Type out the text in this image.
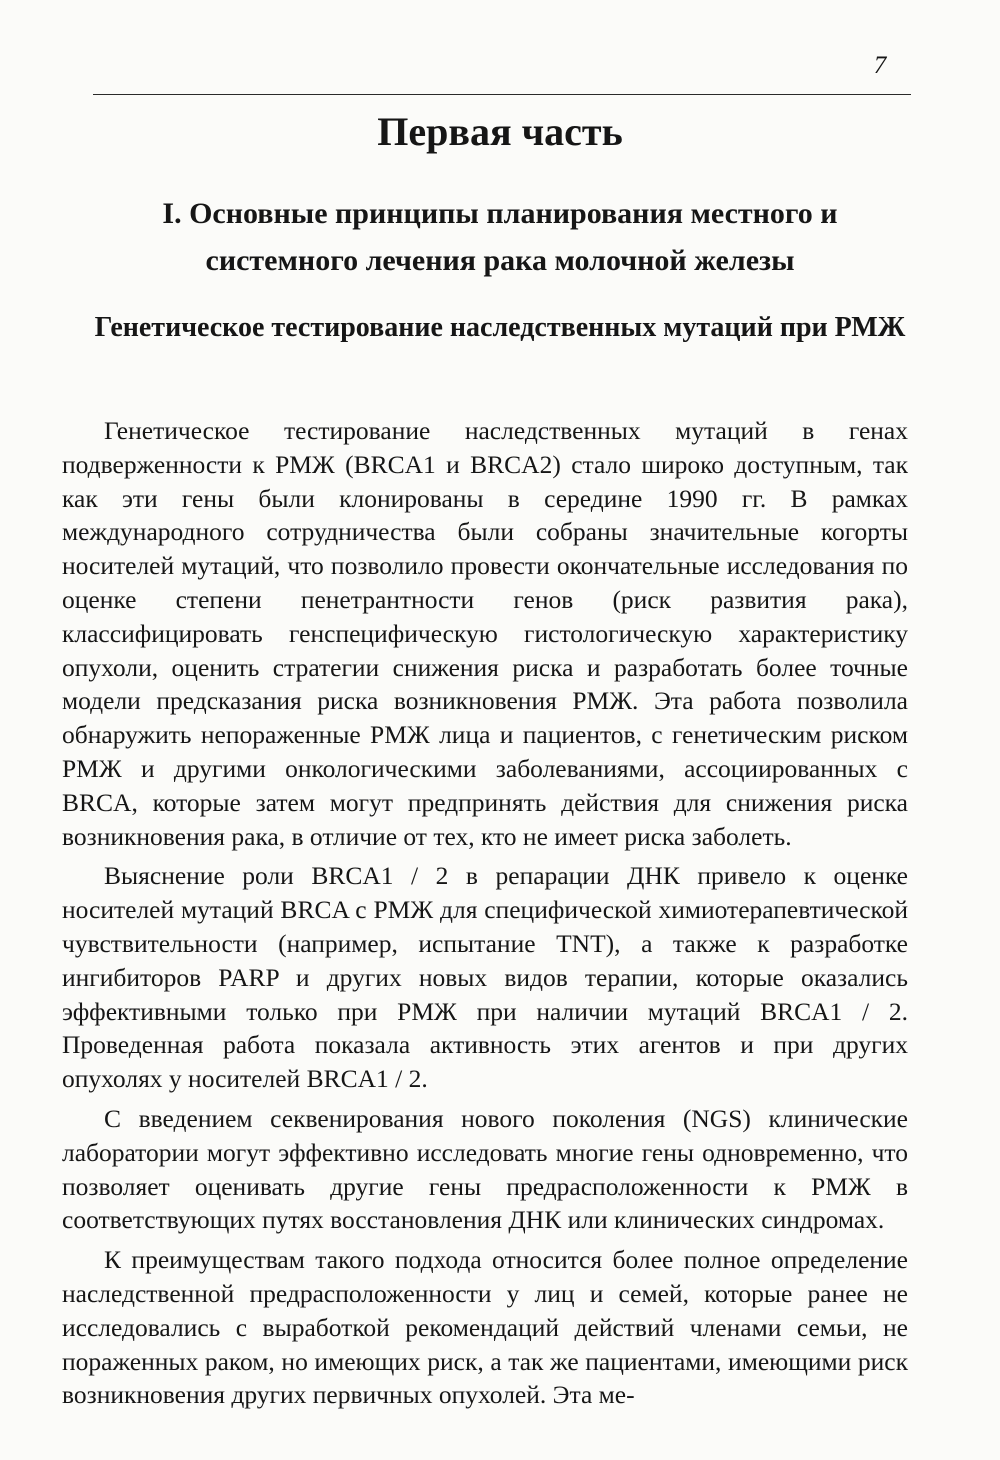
7
Первая часть
I. Основные принципы планирования местного и системного лечения рака молочной железы
Генетическое тестирование наследственных мутаций при РМЖ

Генетическое тестирование наследственных мутаций в генах подверженности к РМЖ (BRCA1 и BRCA2) стало широко доступным, так как эти гены были клонированы в середине 1990 гг. В рамках международного сотрудничества были собраны значительные когорты носителей мутаций, что позволило провести окончательные исследования по оценке степени пенетрантности генов (риск развития рака), классифицировать генспецифическую гистологическую характеристику опухоли, оценить стратегии снижения риска и разработать более точные модели предсказания риска возникновения РМЖ. Эта работа позволила обнаружить непораженные РМЖ лица и пациентов, с генетическим риском РМЖ и другими онкологическими заболеваниями, ассоциированных с BRCA, которые затем могут предпринять действия для снижения риска возникновения рака, в отличие от тех, кто не имеет риска заболеть.

Выяснение роли BRCA1 / 2 в репарации ДНК привело к оценке носителей мутаций BRCA с РМЖ для специфической химиотерапевтической чувствительности (например, испытание TNT), а также к разработке ингибиторов PARP и других новых видов терапии, которые оказались эффективными только при РМЖ при наличии мутаций BRCA1 / 2. Проведенная работа показала активность этих агентов и при других опухолях у носителей BRCA1 / 2.

С введением секвенирования нового поколения (NGS) клинические лаборатории могут эффективно исследовать многие гены одновременно, что позволяет оценивать другие гены предрасположенности к РМЖ в соответствующих путях восстановления ДНК или клинических синдромах.

К преимуществам такого подхода относится более полное определение наследственной предрасположенности у лиц и семей, которые ранее не исследовались с выработкой рекомендаций действий членами семьи, не пораженных раком, но имеющих риск, а так же пациентами, имеющими риск возникновения других первичных опухолей. Эта ме-
